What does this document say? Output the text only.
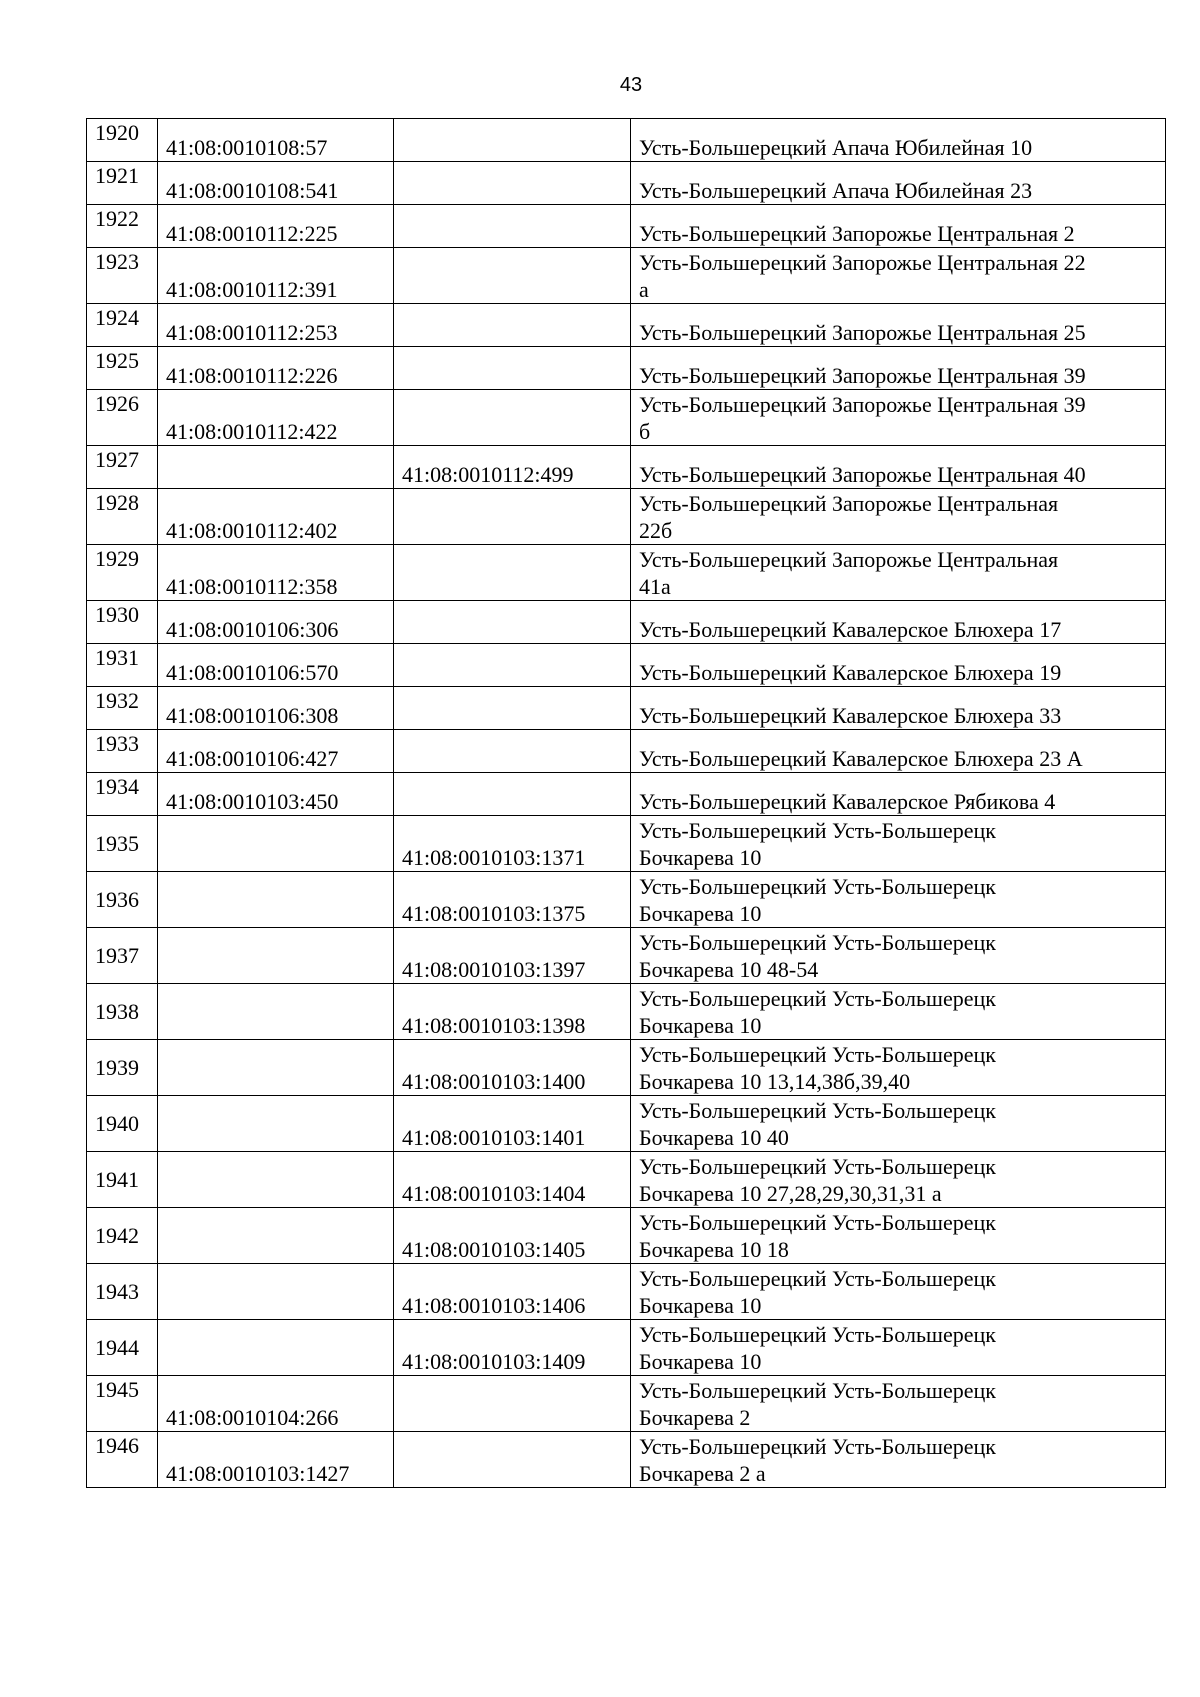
43
1920	41:08:0010108:57		Усть-Большерецкий Апача Юбилейная 10

1921	41:08:0010108:541		Усть-Большерецкий Апача Юбилейная 23

1922	41:08:0010112:225		Усть-Большерецкий Запорожье Центральная 2

1923	41:08:0010112:391		Усть-Большерецкий Запорожье Центральная 22
а

1924	41:08:0010112:253		Усть-Большерецкий Запорожье Центральная 25

1925	41:08:0010112:226		Усть-Большерецкий Запорожье Центральная 39

1926	41:08:0010112:422		Усть-Большерецкий Запорожье Центральная 39
б

1927		41:08:0010112:499	Усть-Большерецкий Запорожье Центральная 40

1928	41:08:0010112:402		Усть-Большерецкий Запорожье Центральная
22б

1929	41:08:0010112:358		Усть-Большерецкий Запорожье Центральная
41а

1930	41:08:0010106:306		Усть-Большерецкий Кавалерское Блюхера 17

1931	41:08:0010106:570		Усть-Большерецкий Кавалерское Блюхера 19

1932	41:08:0010106:308		Усть-Большерецкий Кавалерское Блюхера 33

1933	41:08:0010106:427		Усть-Большерецкий Кавалерское Блюхера 23 А

1934	41:08:0010103:450		Усть-Большерецкий Кавалерское Рябикова 4

1935		41:08:0010103:1371	Усть-Большерецкий Усть-Большерецк
Бочкарева 10

1936		41:08:0010103:1375	Усть-Большерецкий Усть-Большерецк
Бочкарева 10

1937		41:08:0010103:1397	Усть-Большерецкий Усть-Большерецк
Бочкарева 10 48-54

1938		41:08:0010103:1398	Усть-Большерецкий Усть-Большерецк
Бочкарева 10

1939		41:08:0010103:1400	Усть-Большерецкий Усть-Большерецк
Бочкарева 10 13,14,38б,39,40

1940		41:08:0010103:1401	Усть-Большерецкий Усть-Большерецк
Бочкарева 10 40

1941		41:08:0010103:1404	Усть-Большерецкий Усть-Большерецк
Бочкарева 10 27,28,29,30,31,31 а

1942		41:08:0010103:1405	Усть-Большерецкий Усть-Большерецк
Бочкарева 10 18

1943		41:08:0010103:1406	Усть-Большерецкий Усть-Большерецк
Бочкарева 10

1944		41:08:0010103:1409	Усть-Большерецкий Усть-Большерецк
Бочкарева 10

1945	41:08:0010104:266		Усть-Большерецкий Усть-Большерецк
Бочкарева 2

1946	41:08:0010103:1427		Усть-Большерецкий Усть-Большерецк
Бочкарева 2 а
